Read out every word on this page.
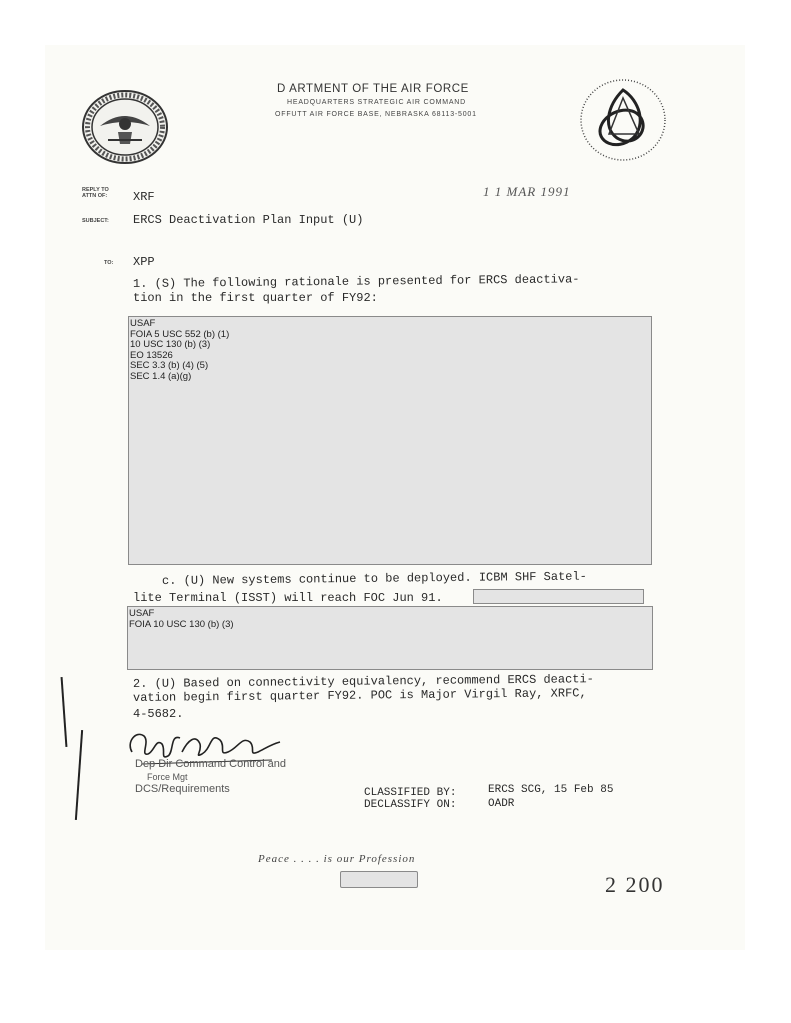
D ARTMENT OF THE AIR FORCE
HEADQUARTERS STRATEGIC AIR COMMAND
OFFUTT AIR FORCE BASE, NEBRASKA 68113-5001
1 1 MAR 1991
REPLY TO ATTN OF:	XRF
SUBJECT: ERCS Deactivation Plan Input (U)
TO: XPP
1. (S) The following rationale is presented for ERCS deactiva-
tion in the first quarter of FY92:
USAF
FOIA 5 USC 552 (b) (1)
10 USC 130 (b) (3)
EO 13526
SEC 3.3 (b) (4) (5)
SEC 1.4 (a)(g)
c. (U) New systems continue to be deployed. ICBM SHF Satel-
lite Terminal (ISST) will reach FOC Jun 91.
USAF
FOIA 10 USC 130 (b) (3)
2. (U) Based on connectivity equivalency, recommend ERCS deacti-
vation begin first quarter FY92. POC is Major Virgil Ray, XRFC,
4-5682.
Dep Dir Command Control and
Force Mgt
DCS/Requirements	CLASSIFIED BY:	ERCS SCG, 15 Feb 85
DECLASSIFY ON:	OADR
Peace . . . . is our Profession
2 200
